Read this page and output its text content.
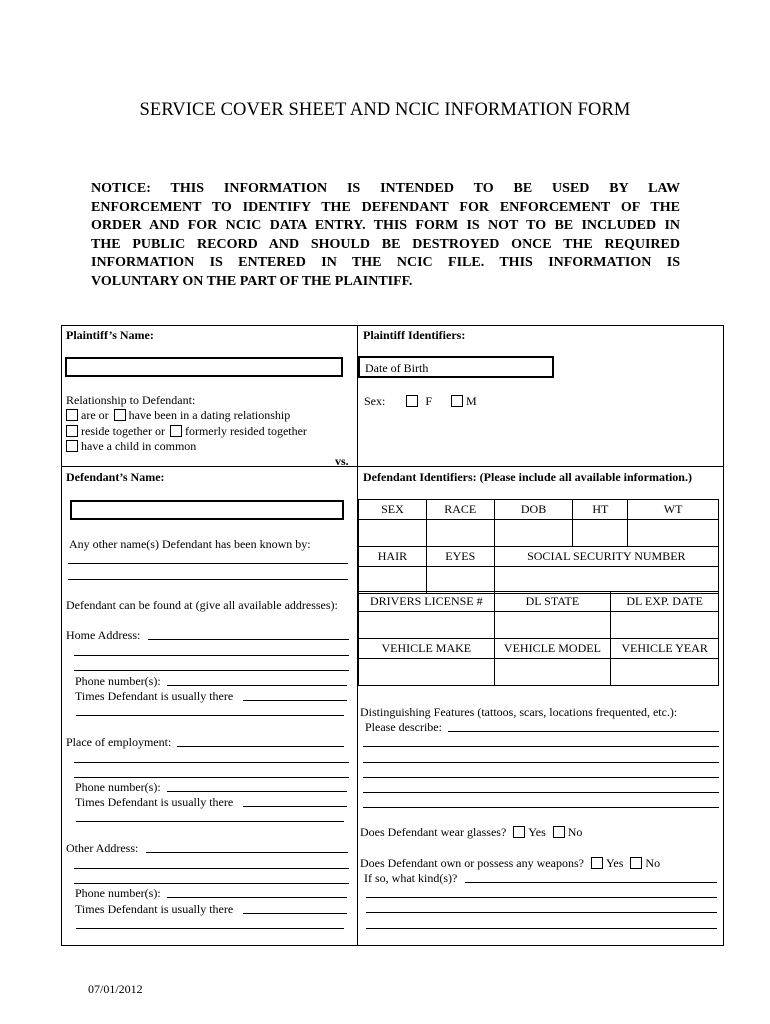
SERVICE COVER SHEET AND NCIC INFORMATION FORM
NOTICE: THIS INFORMATION IS INTENDED TO BE USED BY LAW
ENFORCEMENT TO IDENTIFY THE DEFENDANT FOR ENFORCEMENT OF THE
ORDER AND FOR NCIC DATA ENTRY. THIS FORM IS NOT TO BE INCLUDED IN
THE PUBLIC RECORD AND SHOULD BE DESTROYED ONCE THE REQUIRED
INFORMATION IS ENTERED IN THE NCIC FILE. THIS INFORMATION IS
VOLUNTARY ON THE PART OF THE PLAINTIFF.
Plaintiff’s Name:
Relationship to Defendant:
are or have been in a dating relationship
reside together or formerly resided together
have a child in common
vs.
Defendant’s Name:
Any other name(s) Defendant has been known by:
Defendant can be found at (give all available addresses):
Home Address:
Phone number(s):
Times Defendant is usually there
Place of employment:
Phone number(s):
Times Defendant is usually there
Other Address:
Phone number(s):
Times Defendant is usually there
Plaintiff Identifiers:
Date of Birth
Sex:	F	M
Defendant Identifiers: (Please include all available information.)
SEX	RACE	DOB	HT	WT

HAIR	EYES	SOCIAL SECURITY NUMBER		

DRIVERS LICENSE #	DL STATE	DL EXP. DATE

VEHICLE MAKE	VEHICLE MODEL	VEHICLE YEAR

Distinguishing Features (tattoos, scars, locations frequented, etc.):
Please describe:
Does Defendant wear glasses? Yes No
Does Defendant own or possess any weapons? Yes No
If so, what kind(s)?
07/01/2012
